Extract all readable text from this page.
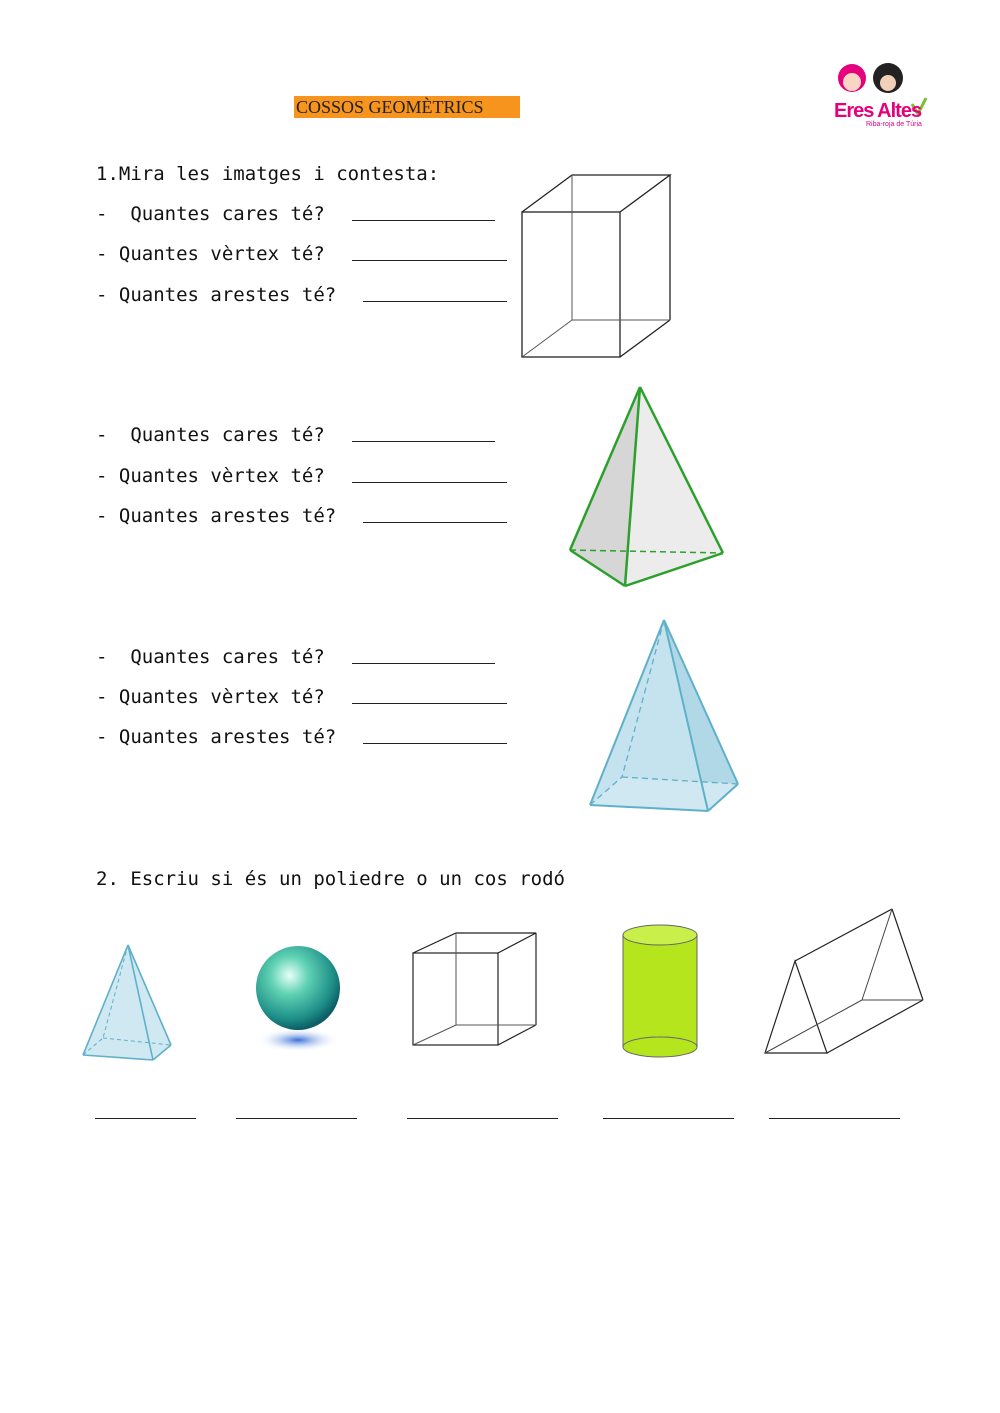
COSSOS GEOMÈTRICS	Eres Altes
Riba-roja de Túria
1.Mira les imatges i contesta:
-  Quantes cares té?
- Quantes vèrtex té?
- Quantes arestes té?
-  Quantes cares té?
- Quantes vèrtex té?
- Quantes arestes té?
-  Quantes cares té?
- Quantes vèrtex té?
- Quantes arestes té?
2. Escriu si és un poliedre o un cos rodó
